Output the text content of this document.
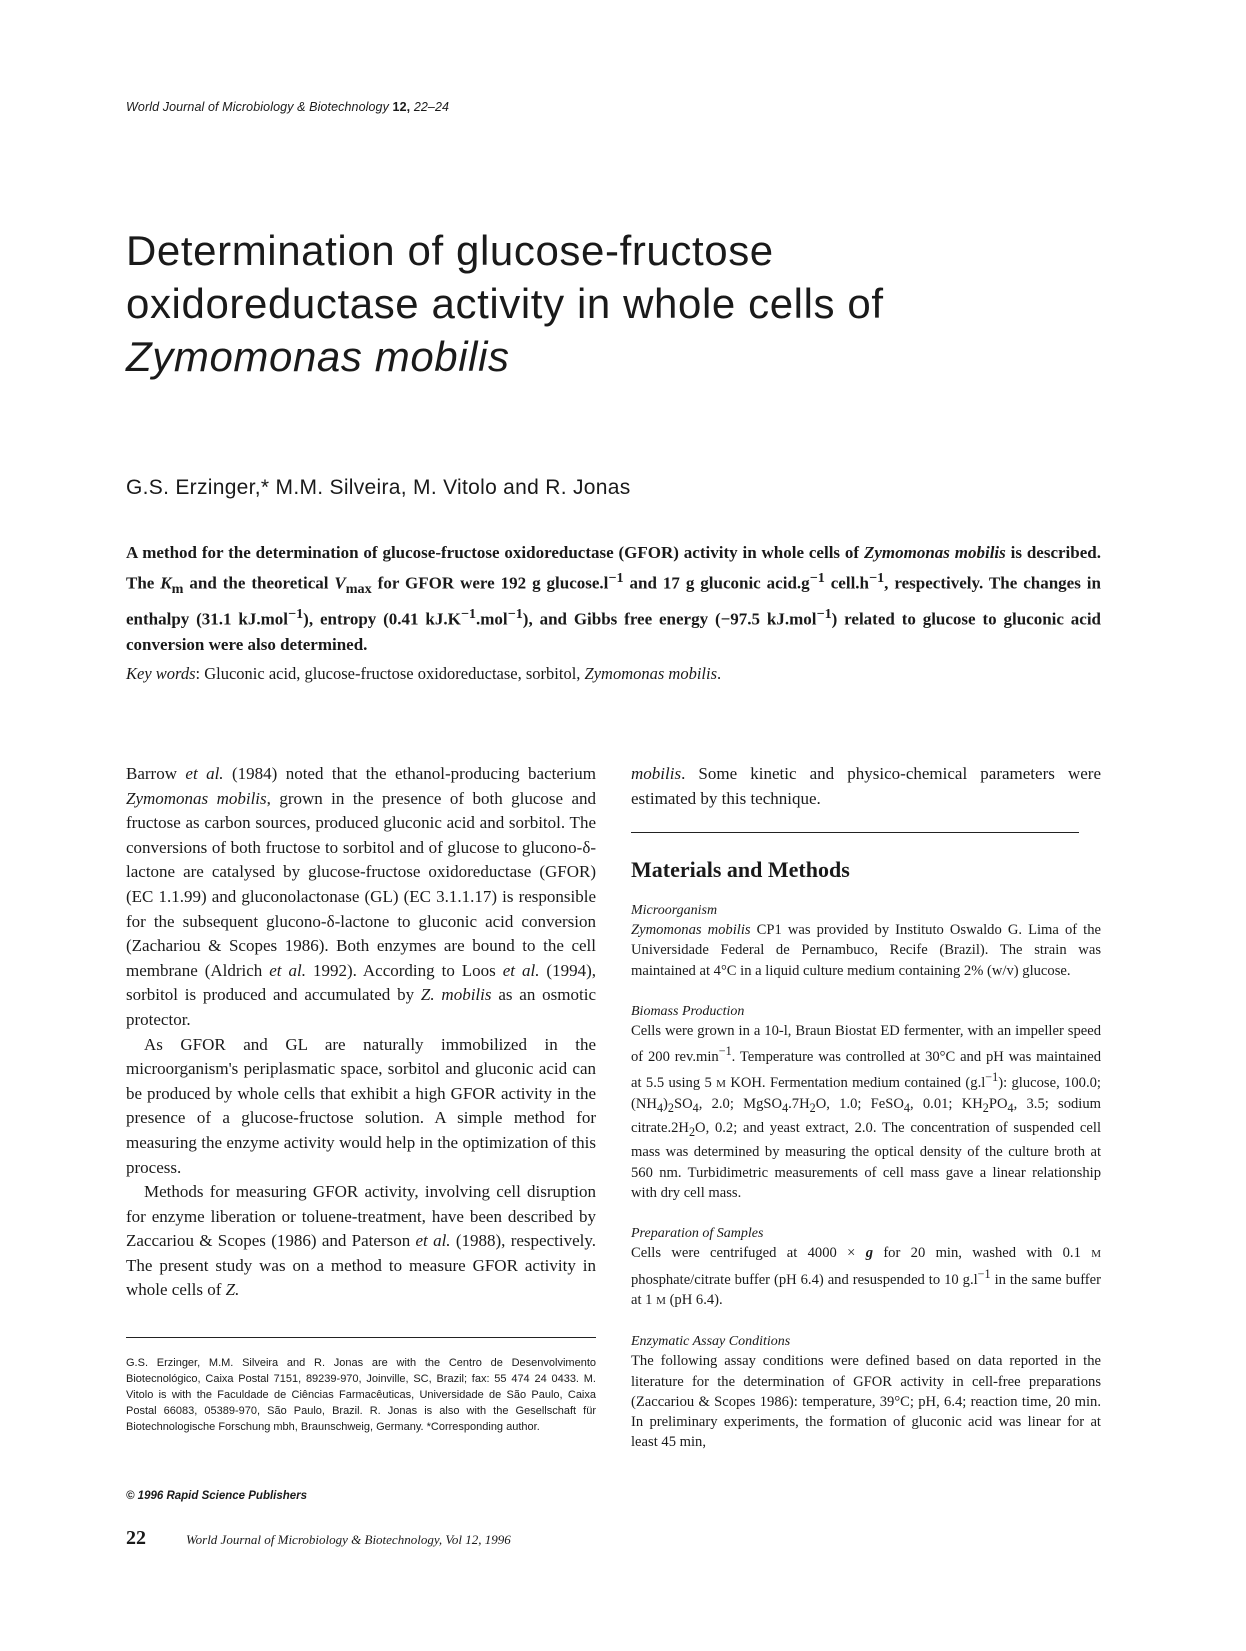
World Journal of Microbiology & Biotechnology 12, 22–24
Determination of glucose-fructose
oxidoreductase activity in whole cells of
Zymomonas mobilis
G.S. Erzinger,* M.M. Silveira, M. Vitolo and R. Jonas

A method for the determination of glucose-fructose oxidoreductase (GFOR) activity in whole cells of Zymomonas mobilis is described. The $K_m$ and the theoretical $V_{max}$ for GFOR were 192 g $glucose.l^{-1}$ and 17 g gluconic $acid.g^{-1}$ $cell.h^{-1}$, respectively. The changes in enthalpy (31.1 kJ.mol$^{-1}$), entropy (0.41 $kJ.K^{-1}.mol^{-1}$), and Gibbs free energy (−97.5 kJ.mol$^{-1}$) related to glucose to gluconic acid conversion were also determined.

Key words: Gluconic acid, glucose-fructose oxidoreductase, sorbitol, Zymomonas mobilis.

Barrow et al. (1984) noted that the ethanol-producing bacterium Zymomonas mobilis, grown in the presence of both glucose and fructose as carbon sources, produced gluconic acid and sorbitol. The conversions of both fructose to sorbitol and of glucose to glucono-δ-lactone are catalysed by glucose-fructose oxidoreductase (GFOR) (EC 1.1.99) and gluconolactonase (GL) (EC 3.1.1.17) is responsible for the subsequent glucono-δ-lactone to gluconic acid conversion (Zachariou & Scopes 1986). Both enzymes are bound to the cell membrane (Aldrich et al. 1992). According to Loos et al. (1994), sorbitol is produced and accumulated by Z. mobilis as an osmotic protector.

As GFOR and GL are naturally immobilized in the microorganism's periplasmatic space, sorbitol and gluconic acid can be produced by whole cells that exhibit a high GFOR activity in the presence of a glucose-fructose solution. A simple method for measuring the enzyme activity would help in the optimization of this process.

Methods for measuring GFOR activity, involving cell disruption for enzyme liberation or toluene-treatment, have been described by Zaccariou & Scopes (1986) and Paterson et al. (1988), respectively. The present study was on a method to measure GFOR activity in whole cells of Z.

mobilis. Some kinetic and physico-chemical parameters were estimated by this technique.

Materials and Methods
Microorganism

Zymomonas mobilis CP1 was provided by Instituto Oswaldo G. Lima of the Universidade Federal de Pernambuco, Recife (Brazil). The strain was maintained at 4°C in a liquid culture medium containing 2% (w/v) glucose.

Biomass Production

Cells were grown in a 10-l, Braun Biostat ED fermenter, with an impeller speed of 200 $rev.\min^{-1}$. Temperature was controlled at 30°C and pH was maintained at 5.5 using 5 M KOH. Fermentation medium contained $(g.l^{-1})$: glucose, 100.0; $(NH_4)_2SO_4$, 2.0; $MgSO_4.7H_2O$, 1.0; FeSO$_4$, 0.01; $KH_2PO_4$, 3.5; sodium $citrate.2H_2O$, 0.2; and yeast extract, 2.0. The concentration of suspended cell mass was determined by measuring the optical density of the culture broth at 560 nm. Turbidimetric measurements of cell mass gave a linear relationship with dry cell mass.

Preparation of Samples

Cells were centrifuged at 4000 × g for 20 min, washed with 0.1 M phosphate/citrate buffer (pH 6.4) and resuspended to 10 $g.l^{-1}$ in the same buffer at 1 M (pH 6.4).

Enzymatic Assay Conditions

The following assay conditions were defined based on data reported in the literature for the determination of GFOR activity in cell-free preparations (Zaccariou & Scopes 1986): temperature, 39°C; pH, 6.4; reaction time, 20 min. In preliminary experiments, the formation of gluconic acid was linear for at least 45 min,

G.S. Erzinger, M.M. Silveira and R. Jonas are with the Centro de Desenvolvimento Biotecnológico, Caixa Postal 7151, 89239-970, Joinville, SC, Brazil; fax: 55 474 24 0433. M. Vitolo is with the Faculdade de Ciências Farmacêuticas, Universidade de São Paulo, Caixa Postal 66083, 05389-970, São Paulo, Brazil. R. Jonas is also with the Gesellschaft für Biotechnologische Forschung mbh, Braunschweig, Germany. *Corresponding author.

© 1996 Rapid Science Publishers
22	World Journal of Microbiology & Biotechnology, Vol 12, 1996
